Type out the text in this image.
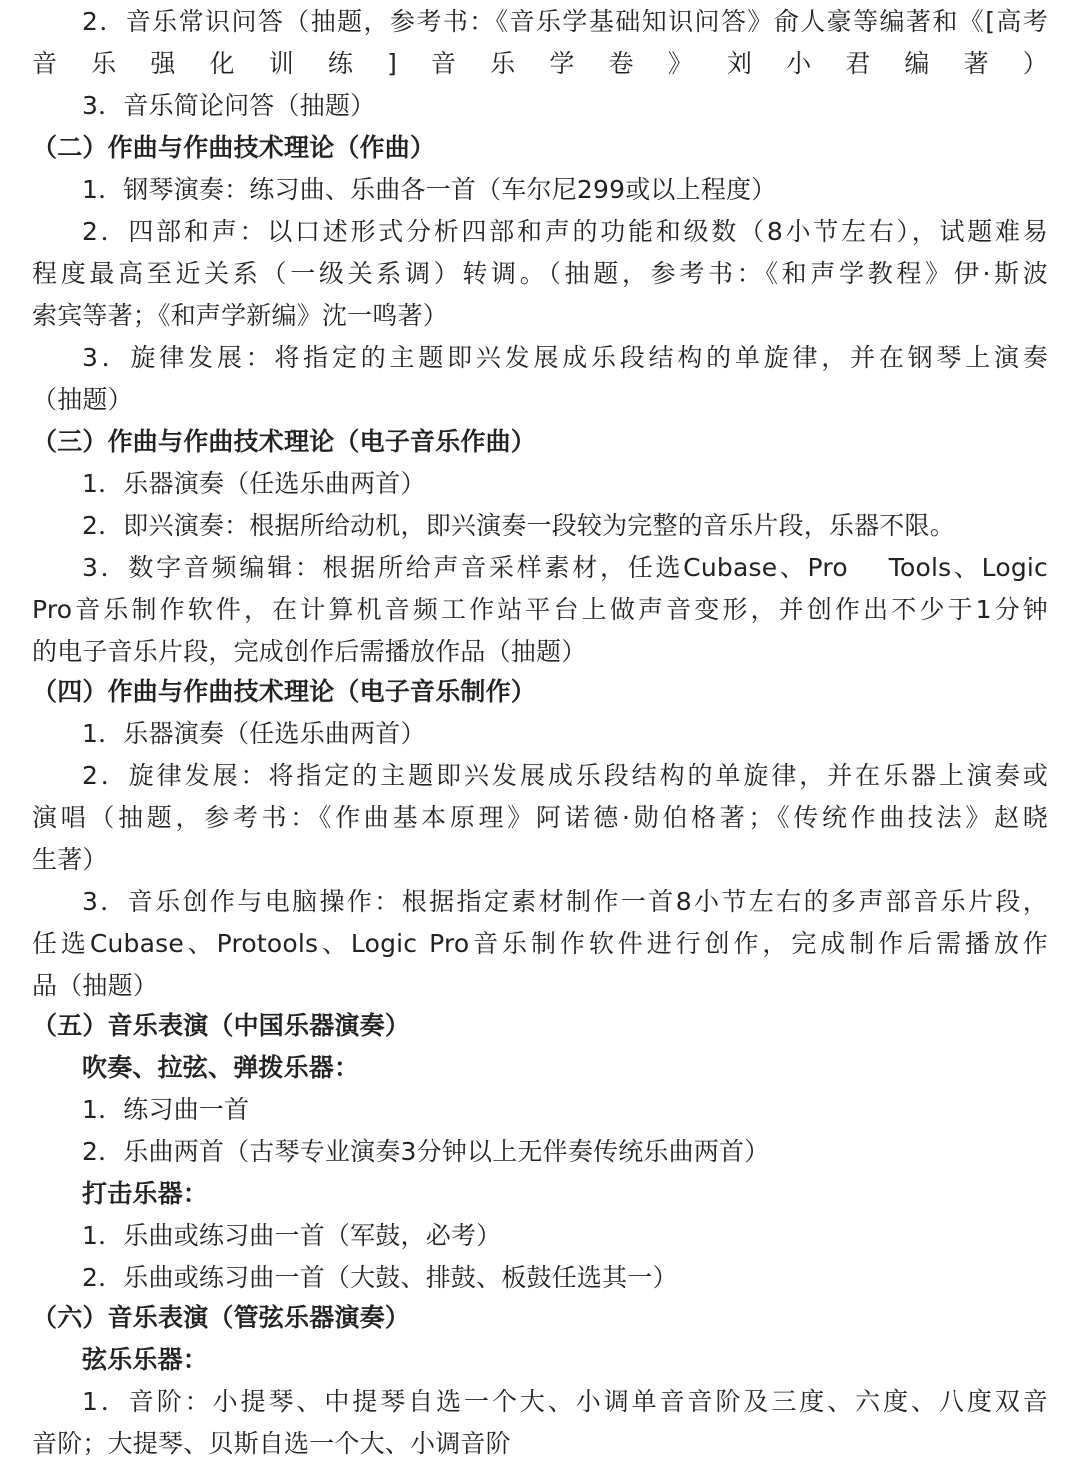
2．音乐常识问答（抽题，参考书：《音乐学基础知识问答》俞人豪等编著和《[高考
音乐强化训练]音乐学卷》刘小君编著）
3．音乐简论问答（抽题）
（二）作曲与作曲技术理论（作曲）
1．钢琴演奏：练习曲、乐曲各一首（车尔尼299或以上程度）
2．四部和声：以口述形式分析四部和声的功能和级数（8小节左右），试题难易
程度最高至近关系（一级关系调）转调。（抽题，参考书：《和声学教程》伊·斯波
索宾等著；《和声学新编》沈一鸣著）
3．旋律发展：将指定的主题即兴发展成乐段结构的单旋律，并在钢琴上演奏
（抽题）
（三）作曲与作曲技术理论（电子音乐作曲）
1．乐器演奏（任选乐曲两首）
2．即兴演奏：根据所给动机，即兴演奏一段较为完整的音乐片段，乐器不限。
3．数字音频编辑：根据所给声音采样素材，任选Cubase、Pro　 Tools、Logic
Pro音乐制作软件，在计算机音频工作站平台上做声音变形，并创作出不少于1分钟
的电子音乐片段，完成创作后需播放作品（抽题）
（四）作曲与作曲技术理论（电子音乐制作）
1．乐器演奏（任选乐曲两首）
2．旋律发展：将指定的主题即兴发展成乐段结构的单旋律，并在乐器上演奏或
演唱（抽题，参考书：《作曲基本原理》阿诺德·勋伯格著；《传统作曲技法》赵晓
生著）
3．音乐创作与电脑操作：根据指定素材制作一首8小节左右的多声部音乐片段，
任选Cubase、Protools、Logic Pro音乐制作软件进行创作，完成制作后需播放作
品（抽题）
（五）音乐表演（中国乐器演奏）
吹奏、拉弦、弹拨乐器：
1．练习曲一首
2．乐曲两首（古琴专业演奏3分钟以上无伴奏传统乐曲两首）
打击乐器：
1．乐曲或练习曲一首（军鼓，必考）
2．乐曲或练习曲一首（大鼓、排鼓、板鼓任选其一）
（六）音乐表演（管弦乐器演奏）
弦乐乐器：
1．音阶：小提琴、中提琴自选一个大、小调单音音阶及三度、六度、八度双音
音阶；大提琴、贝斯自选一个大、小调音阶
